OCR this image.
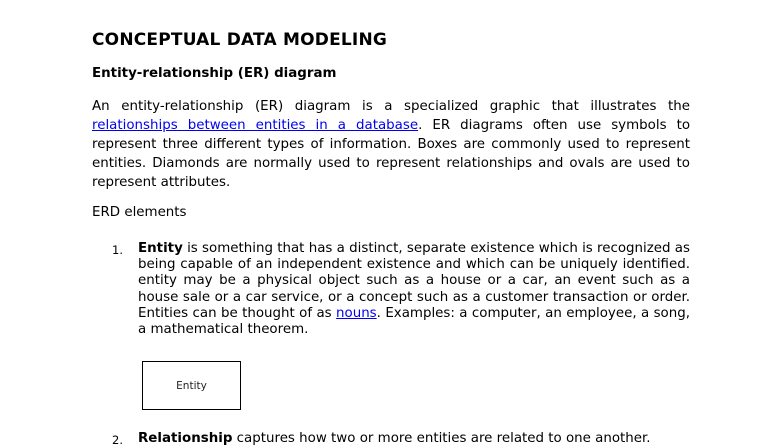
CONCEPTUAL DATA MODELING
Entity-relationship (ER) diagram

An entity-relationship (ER) diagram is a specialized graphic that illustrates the relationships between entities in a database. ER diagrams often use symbols to represent three different types of information. Boxes are commonly used to represent entities. Diamonds are normally used to represent relationships and ovals are used to represent attributes.

ERD elements
1. Entity is something that has a distinct, separate existence which is recognized as being capable of an independent existence and which can be uniquely identified. entity may be a physical object such as a house or a car, an event such as a house sale or a car service, or a concept such as a customer transaction or order. Entities can be thought of as nouns. Examples: a computer, an employee, a song, a mathematical theorem.

2. Relationship captures how two or more entities are related to one another.

Entity
